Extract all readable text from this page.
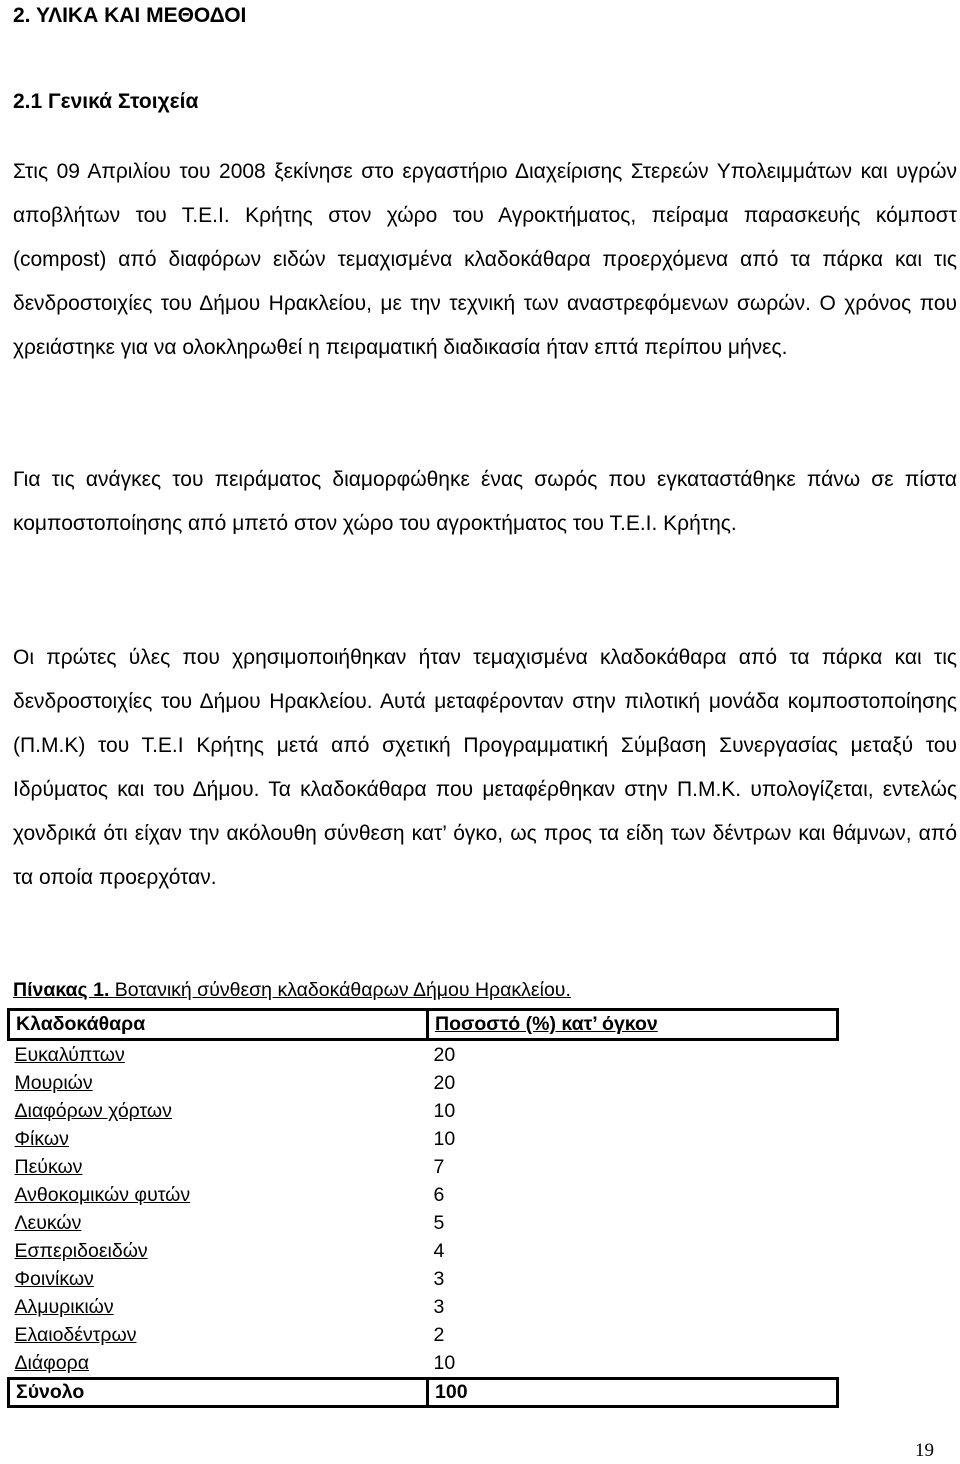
2. ΥΛΙΚΑ ΚΑΙ ΜΕΘΟΔΟΙ
2.1 Γενικά Στοιχεία
Στις 09 Απριλίου του 2008 ξεκίνησε στο εργαστήριο Διαχείρισης Στερεών Υπολειμμάτων και υγρών αποβλήτων του Τ.Ε.Ι. Κρήτης στον χώρο του Αγροκτήματος, πείραμα παρασκευής κόμποστ (compost) από διαφόρων ειδών τεμαχισμένα κλαδοκάθαρα προερχόμενα από τα πάρκα και τις δενδροστοιχίες του Δήμου Ηρακλείου, με την τεχνική των αναστρεφόμενων σωρών. Ο χρόνος που χρειάστηκε για να ολοκληρωθεί η πειραματική διαδικασία ήταν επτά περίπου μήνες.
Για τις ανάγκες του πειράματος διαμορφώθηκε ένας σωρός που εγκαταστάθηκε πάνω σε πίστα κομποστοποίησης από μπετό στον χώρο του αγροκτήματος του Τ.Ε.Ι. Κρήτης.
Οι πρώτες ύλες που χρησιμοποιήθηκαν ήταν τεμαχισμένα κλαδοκάθαρα από τα πάρκα και τις δενδροστοιχίες του Δήμου Ηρακλείου. Αυτά μεταφέρονταν στην πιλοτική μονάδα κομποστοποίησης (Π.Μ.Κ) του Τ.Ε.Ι Κρήτης μετά από σχετική Προγραμματική Σύμβαση Συνεργασίας μεταξύ του Ιδρύματος και του Δήμου. Τα κλαδοκάθαρα που μεταφέρθηκαν στην Π.Μ.Κ. υπολογίζεται, εντελώς χονδρικά ότι είχαν την ακόλουθη σύνθεση κατ’ όγκο, ως προς τα είδη των δέντρων και θάμνων, από τα οποία προερχόταν.
Πίνακας 1. Βοτανική σύνθεση κλαδοκάθαρων Δήμου Ηρακλείου.
Κλαδοκάθαρα	Ποσοστό (%) κατ’ όγκον
Ευκαλύπτων	20
Μουριών	20
Διαφόρων χόρτων	10
Φίκων	10
Πεύκων	7
Ανθοκομικών φυτών	6
Λευκών	5
Εσπεριδοειδών	4
Φοινίκων	3
Αλμυρικιών	3
Ελαιοδέντρων	2
Διάφορα	10
Σύνολο	100
19
